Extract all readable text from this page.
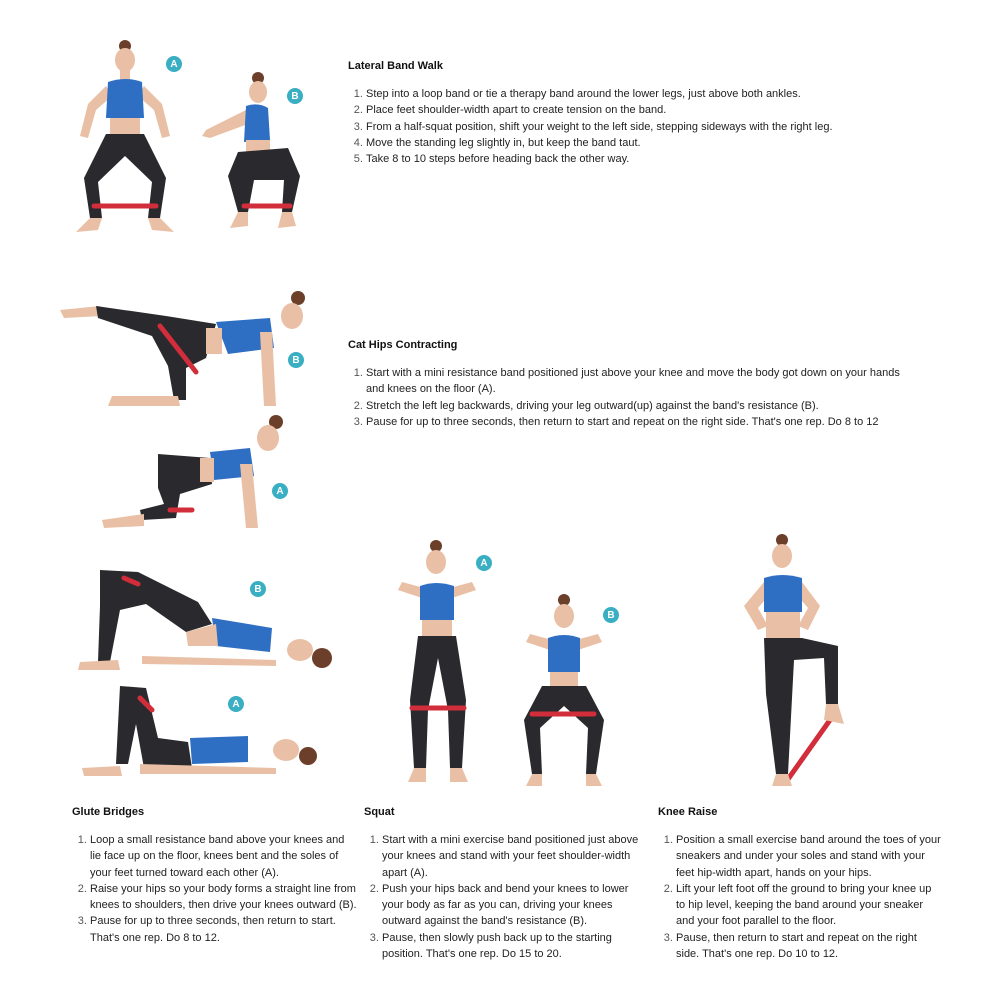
Lateral Band Walk
1. Step into a loop band or tie a therapy band around the lower legs, just above both ankles.
2. Place feet shoulder-width apart to create tension on the band.
3. From a half-squat position, shift your weight to the left side, stepping sideways with the right leg.
4. Move the standing leg slightly in, but keep the band taut.
5. Take 8 to 10 steps before heading back the other way.
Cat Hips Contracting
1. Start with a mini resistance band positioned just above your knee and move the body got down on your hands and knees on the floor (A).
2. Stretch the left leg backwards, driving your leg outward(up) against the band's resistance (B).
3. Pause for up to three seconds, then return to start and repeat on the right side. That's one rep. Do 8 to 12
Glute Bridges
1. Loop a small resistance band above your knees and lie face up on the floor, knees bent and the soles of your feet turned toward each other (A).
2. Raise your hips so your body forms a straight line from knees to shoulders, then drive your knees outward (B).
3. Pause for up to three seconds, then return to start. That's one rep. Do 8 to 12.
Squat
1. Start with a mini exercise band positioned just above your knees and stand with your feet shoulder-width apart (A).
2. Push your hips back and bend your knees to lower your body as far as you can, driving your knees outward against the band's resistance (B).
3. Pause, then slowly push back up to the starting position. That's one rep. Do 15 to 20.
Knee Raise
1. Position a small exercise band around the toes of your sneakers and under your soles and stand with your feet hip-width apart, hands on your hips.
2. Lift your left foot off the ground to bring your knee up to hip level, keeping the band around your sneaker and your foot parallel to the floor.
3. Pause, then return to start and repeat on the right side. That's one rep. Do 10 to 12.
A
B
B
A
B
A
A
B
